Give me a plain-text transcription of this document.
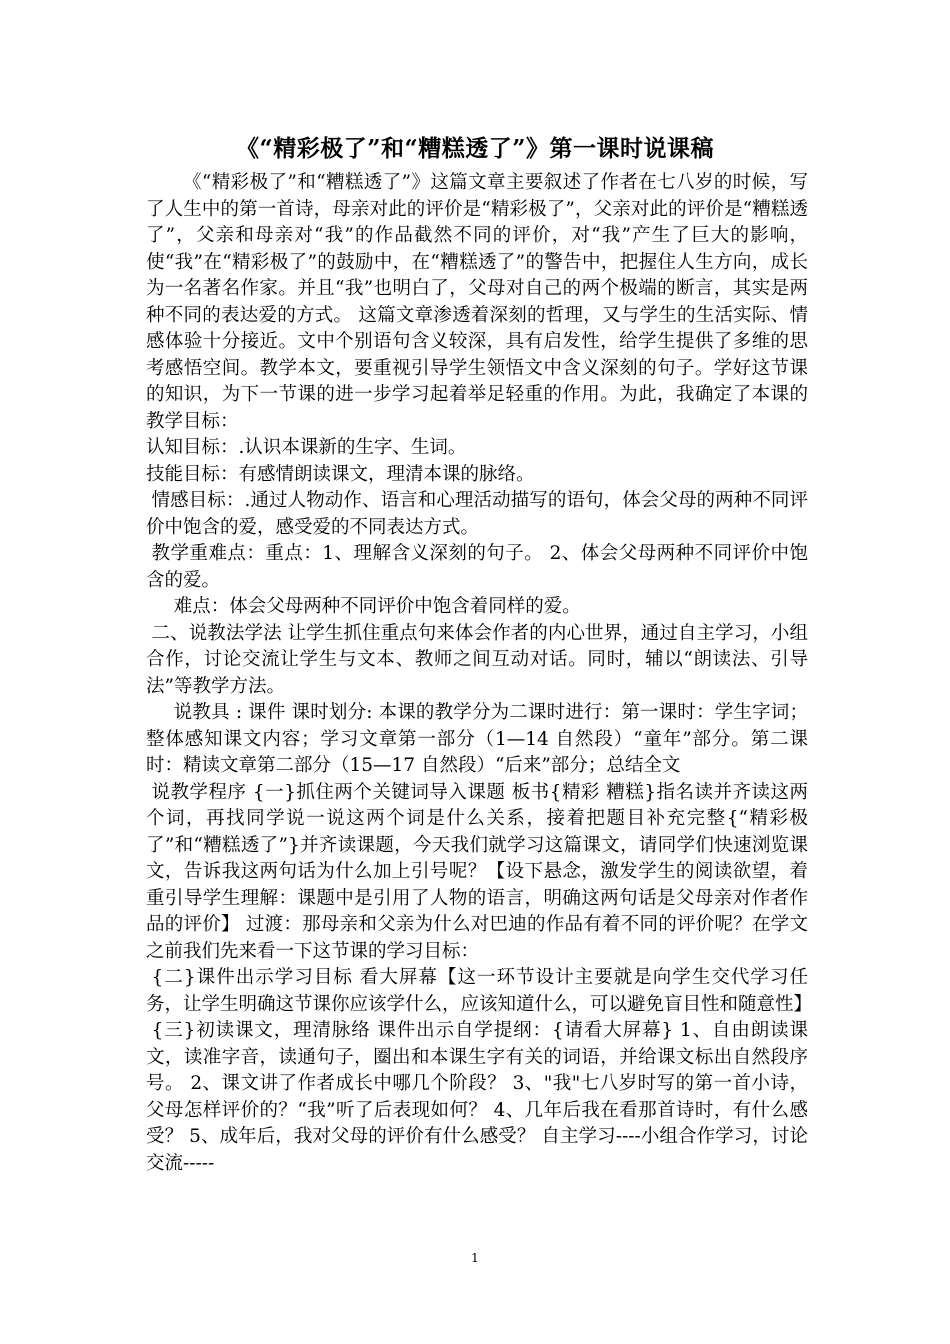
《“精彩极了”和“糟糕透了”》第一课时说课稿

《“精彩极了”和“糟糕透了”》这篇文章主要叙述了作者在七八岁的时候，写了人生中的第一首诗，母亲对此的评价是“精彩极了”，父亲对此的评价是“糟糕透了”，父亲和母亲对“我”的作品截然不同的评价，对“我”产生了巨大的影响，使“我”在“精彩极了”的鼓励中，在“糟糕透了”的警告中，把握住人生方向，成长为一名著名作家。并且“我”也明白了，父母对自己的两个极端的断言，其实是两种不同的表达爱的方式。 这篇文章渗透着深刻的哲理，又与学生的生活实际、情感体验十分接近。文中个别语句含义较深，具有启发性，给学生提供了多维的思考感悟空间。教学本文，要重视引导学生领悟文中含义深刻的句子。学好这节课的知识，为下一节课的进一步学习起着举足轻重的作用。为此，我确定了本课的教学目标：

认知目标：.认识本课新的生字、生词。

技能目标：有感情朗读课文，理清本课的脉络。

情感目标：.通过人物动作、语言和心理活动描写的语句，体会父母的两种不同评价中饱含的爱，感受爱的不同表达方式。

教学重难点：重点：1、理解含义深刻的句子。 2、体会父母两种不同评价中饱含的爱。

难点：体会父母两种不同评价中饱含着同样的爱。

二、说教法学法 让学生抓住重点句来体会作者的内心世界，通过自主学习，小组合作，讨论交流让学生与文本、教师之间互动对话。同时，辅以“朗读法、引导法”等教学方法。

说教具 : 课件 课时划分: 本课的教学分为二课时进行：第一课时：学生字词；整体感知课文内容；学习文章第一部分（1—14 自然段）“童年”部分。第二课时：精读文章第二部分（15—17 自然段）“后来”部分；总结全文

说教学程序 {一}抓住两个关键词导入课题 板书{精彩 糟糕}指名读并齐读这两个词，再找同学说一说这两个词是什么关系，接着把题目补充完整{“精彩极了”和“糟糕透了”}并齐读课题，今天我们就学习这篇课文，请同学们快速浏览课文，告诉我这两句话为什么加上引号呢？【设下悬念，激发学生的阅读欲望，着重引导学生理解：课题中是引用了人物的语言，明确这两句话是父母亲对作者作品的评价】 过渡：那母亲和父亲为什么对巴迪的作品有着不同的评价呢？在学文之前我们先来看一下这节课的学习目标：

{二}课件出示学习目标 看大屏幕【这一环节设计主要就是向学生交代学习任务，让学生明确这节课你应该学什么，应该知道什么，可以避免盲目性和随意性】

{三}初读课文，理清脉络 课件出示自学提纲：{请看大屏幕} 1、自由朗读课文，读准字音，读通句子，圈出和本课生字有关的词语，并给课文标出自然段序号。 2、课文讲了作者成长中哪几个阶段？ 3、"我"七八岁时写的第一首小诗，父母怎样评价的？“我”听了后表现如何？ 4、几年后我在看那首诗时，有什么感受？ 5、成年后，我对父母的评价有什么感受？ 自主学习----小组合作学习，讨论交流-----

1
